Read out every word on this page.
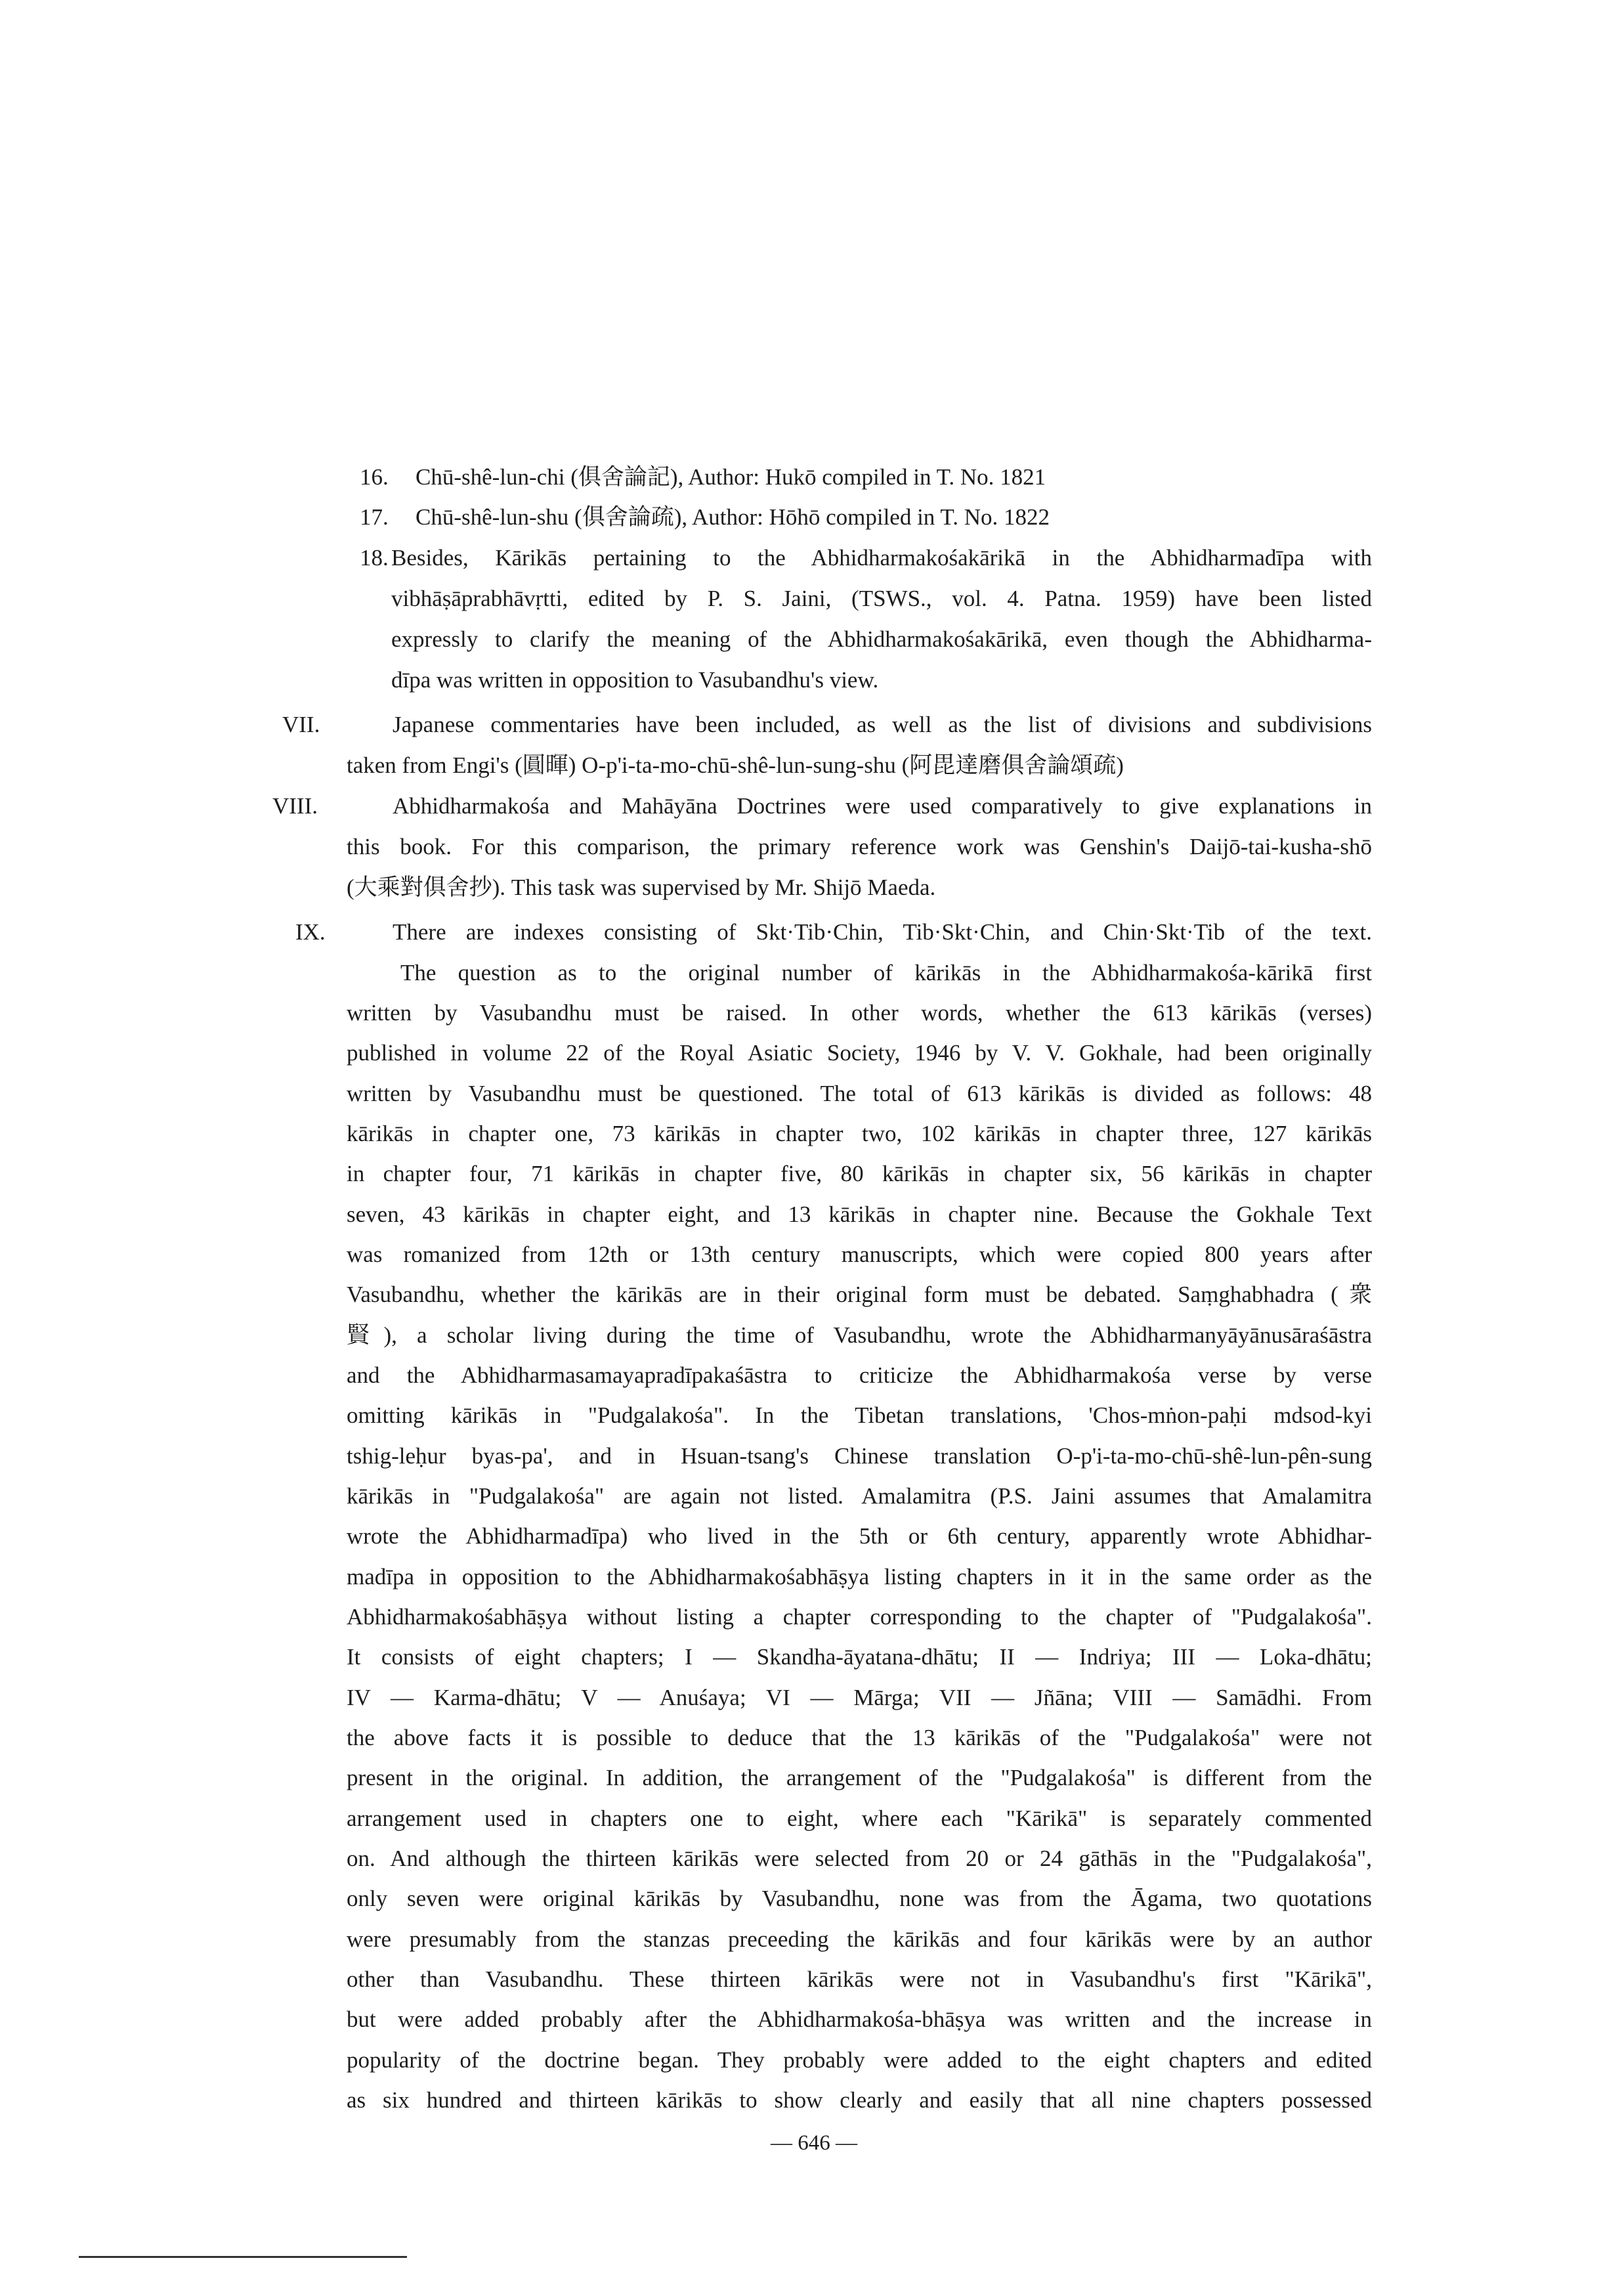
16. Chū-shê-lun-chi (俱舍論記), Author: Hukō compiled in T. No. 1821
17. Chū-shê-lun-shu (俱舍論疏), Author: Hōhō compiled in T. No. 1822
18. Besides, Kārikās pertaining to the Abhidharmakośakārikā in the Abhidharmadīpa with
vibhāṣāprabhāvṛtti, edited by P. S. Jaini, (TSWS., vol. 4. Patna. 1959) have been listed
expressly to clarify the meaning of the Abhidharmakośakārikā, even though the Abhidharma-
dīpa was written in opposition to Vasubandhu's view.
VII.	Japanese commentaries have been included, as well as the list of divisions and subdivisions
taken from Engi's (圓暉) O-p'i-ta-mo-chū-shê-lun-sung-shu (阿毘達磨俱舍論頌疏)
VIII.	Abhidharmakośa and Mahāyāna Doctrines were used comparatively to give explanations in
this book. For this comparison, the primary reference work was Genshin's Daijō-tai-kusha-shō
(大乘對俱舍抄). This task was supervised by Mr. Shijō Maeda.
IX.	There are indexes consisting of Skt·Tib·Chin, Tib·Skt·Chin, and Chin·Skt·Tib of the text.
The question as to the original number of kārikās in the Abhidharmakośa-kārikā first
written by Vasubandhu must be raised. In other words, whether the 613 kārikās (verses)
published in volume 22 of the Royal Asiatic Society, 1946 by V. V. Gokhale, had been originally
written by Vasubandhu must be questioned. The total of 613 kārikās is divided as follows: 48
kārikās in chapter one, 73 kārikās in chapter two, 102 kārikās in chapter three, 127 kārikās
in chapter four, 71 kārikās in chapter five, 80 kārikās in chapter six, 56 kārikās in chapter
seven, 43 kārikās in chapter eight, and 13 kārikās in chapter nine. Because the Gokhale Text
was romanized from 12th or 13th century manuscripts, which were copied 800 years after
Vasubandhu, whether the kārikās are in their original form must be debated. Saṃghabhadra (衆
賢), a scholar living during the time of Vasubandhu, wrote the Abhidharmanyāyānusāraśāstra
and the Abhidharmasamayapradīpakaśāstra to criticize the Abhidharmakośa verse by verse
omitting kārikās in "Pudgalakośa". In the Tibetan translations, 'Chos-mṅon-paḥi mdsod-kyi
tshig-leḥur byas-pa', and in Hsuan-tsang's Chinese translation O-p'i-ta-mo-chū-shê-lun-pên-sung
kārikās in "Pudgalakośa" are again not listed. Amalamitra (P.S. Jaini assumes that Amalamitra
wrote the Abhidharmadīpa) who lived in the 5th or 6th century, apparently wrote Abhidhar-
madīpa in opposition to the Abhidharmakośabhāṣya listing chapters in it in the same order as the
Abhidharmakośabhāṣya without listing a chapter corresponding to the chapter of "Pudgalakośa".
It consists of eight chapters; I — Skandha-āyatana-dhātu; II — Indriya; III — Loka-dhātu;
IV — Karma-dhātu; V — Anuśaya; VI — Mārga; VII — Jñāna; VIII — Samādhi. From
the above facts it is possible to deduce that the 13 kārikās of the "Pudgalakośa" were not
present in the original. In addition, the arrangement of the "Pudgalakośa" is different from the
arrangement used in chapters one to eight, where each "Kārikā" is separately commented
on. And although the thirteen kārikās were selected from 20 or 24 gāthās in the "Pudgalakośa",
only seven were original kārikās by Vasubandhu, none was from the Āgama, two quotations
were presumably from the stanzas preceeding the kārikās and four kārikās were by an author
other than Vasubandhu. These thirteen kārikās were not in Vasubandhu's first "Kārikā",
but were added probably after the Abhidharmakośa-bhāṣya was written and the increase in
popularity of the doctrine began. They probably were added to the eight chapters and edited
as six hundred and thirteen kārikās to show clearly and easily that all nine chapters possessed
— 646 —
